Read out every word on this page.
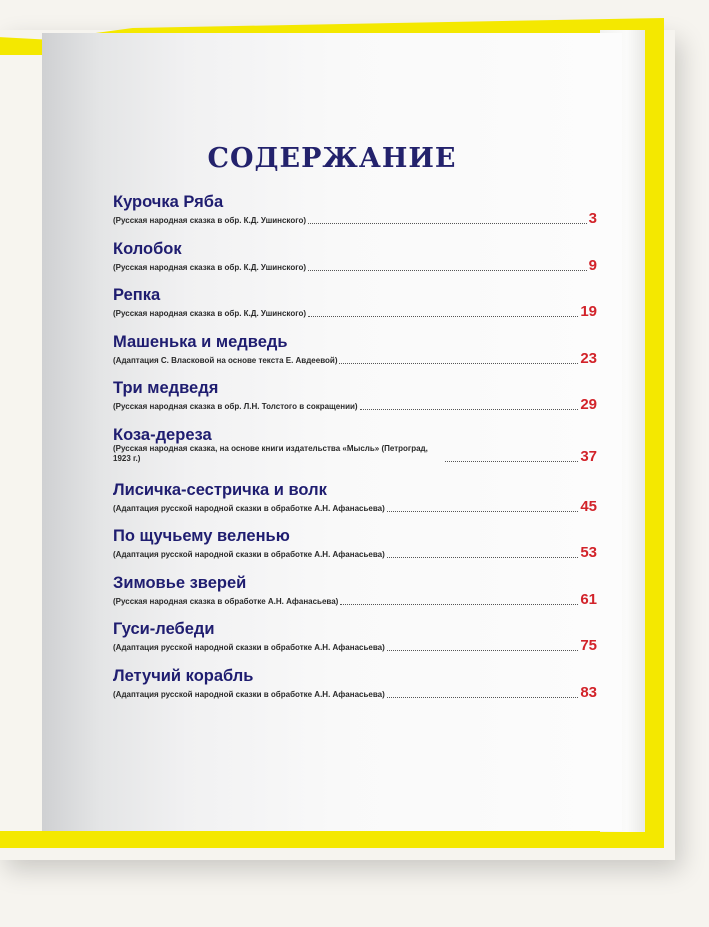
СОДЕРЖАНИЕ
Курочка Ряба
(Русская народная сказка в обр. К.Д. Ушинского)	3
Колобок
(Русская народная сказка в обр. К.Д. Ушинского)	9
Репка
(Русская народная сказка в обр. К.Д. Ушинского)	19
Машенька и медведь
(Адаптация С. Власковой на основе текста Е. Авдеевой)	23
Три медведя
(Русская народная сказка в обр. Л.Н. Толстого в сокращении)	29
Коза-дереза
(Русская народная сказка, на основе книги издательства «Мысль» (Петроград, 1923 г.)	37
Лисичка-сестричка и волк
(Адаптация русской народной сказки в обработке А.Н. Афанасьева)	45
По щучьему веленью
(Адаптация русской народной сказки в обработке А.Н. Афанасьева)	53
Зимовье зверей
(Русская народная сказка в обработке А.Н. Афанасьева)	61
Гуси-лебеди
(Адаптация русской народной сказки в обработке А.Н. Афанасьева)	75
Летучий корабль
(Адаптация русской народной сказки в обработке А.Н. Афанасьева)	83
